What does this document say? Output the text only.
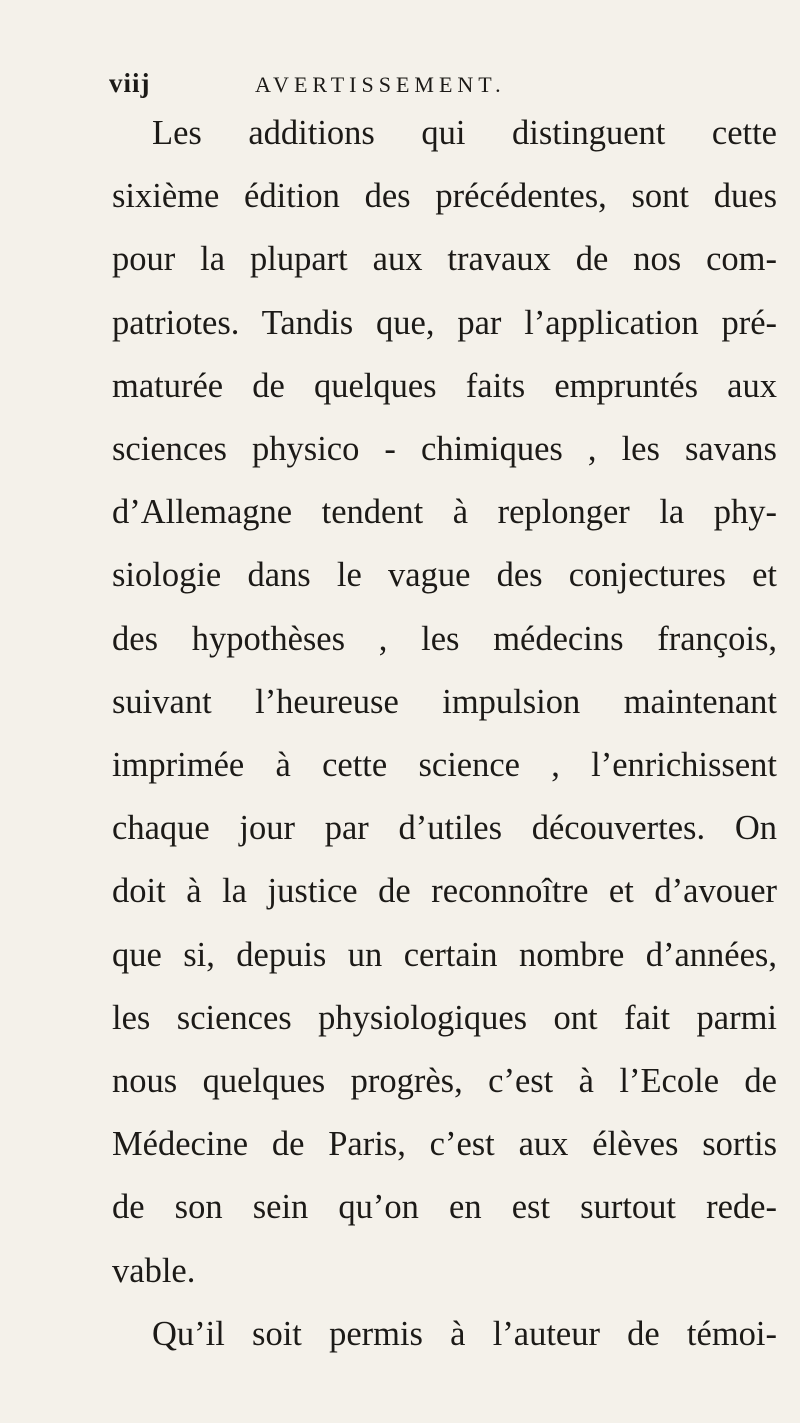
viij	AVERTISSEMENT.
Les additions qui distinguent cette
sixième édition des précédentes, sont dues
pour la plupart aux travaux de nos com-
patriotes. Tandis que, par l’application pré-
maturée de quelques faits empruntés aux
sciences physico - chimiques , les savans
d’Allemagne tendent à replonger la phy-
siologie dans le vague des conjectures et
des hypothèses , les médecins françois,
suivant l’heureuse impulsion maintenant
imprimée à cette science , l’enrichissent
chaque jour par d’utiles découvertes. On
doit à la justice de reconnoître et d’avouer
que si, depuis un certain nombre d’années,
les sciences physiologiques ont fait parmi
nous quelques progrès, c’est à l’Ecole de
Médecine de Paris, c’est aux élèves sortis
de son sein qu’on en est surtout rede-
vable.
Qu’il soit permis à l’auteur de témoi-
